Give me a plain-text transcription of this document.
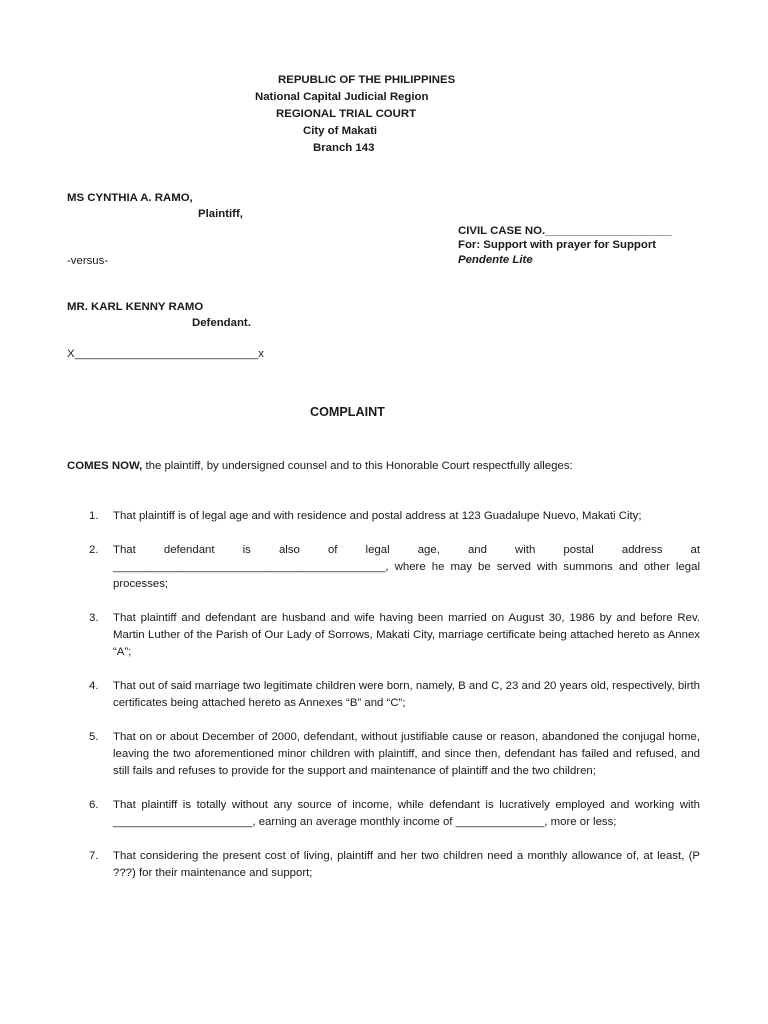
REPUBLIC OF THE PHILIPPINES
National Capital Judicial Region
REGIONAL TRIAL COURT
City of Makati
Branch 143
MS CYNTHIA A. RAMO,
Plaintiff,
CIVIL CASE NO.____________________
For: Support with prayer for Support
Pendente Lite
-versus-
MR. KARL KENNY RAMO
Defendant.
X_____________________________x
COMPLAINT
COMES NOW, the plaintiff, by undersigned counsel and to this Honorable Court respectfully alleges:
1. That plaintiff is of legal age and with residence and postal address at 123 Guadalupe Nuevo, Makati City;
2. That defendant is also of legal age, and with postal address at ___________________________________________, where he may be served with summons and other legal processes;
3. That plaintiff and defendant are husband and wife having been married on August 30, 1986 by and before Rev. Martin Luther of the Parish of Our Lady of Sorrows, Makati City, marriage certificate being attached hereto as Annex “A”;
4. That out of said marriage two legitimate children were born, namely, B and C, 23 and 20 years old, respectively, birth certificates being attached hereto as Annexes “B” and “C”;
5. That on or about December of 2000, defendant, without justifiable cause or reason, abandoned the conjugal home, leaving the two aforementioned minor children with plaintiff, and since then, defendant has failed and refused, and still fails and refuses to provide for the support and maintenance of plaintiff and the two children;
6. That plaintiff is totally without any source of income, while defendant is lucratively employed and working with ______________________, earning an average monthly income of ______________, more or less;
7. That considering the present cost of living, plaintiff and her two children need a monthly allowance of, at least, (P ???) for their maintenance and support;
